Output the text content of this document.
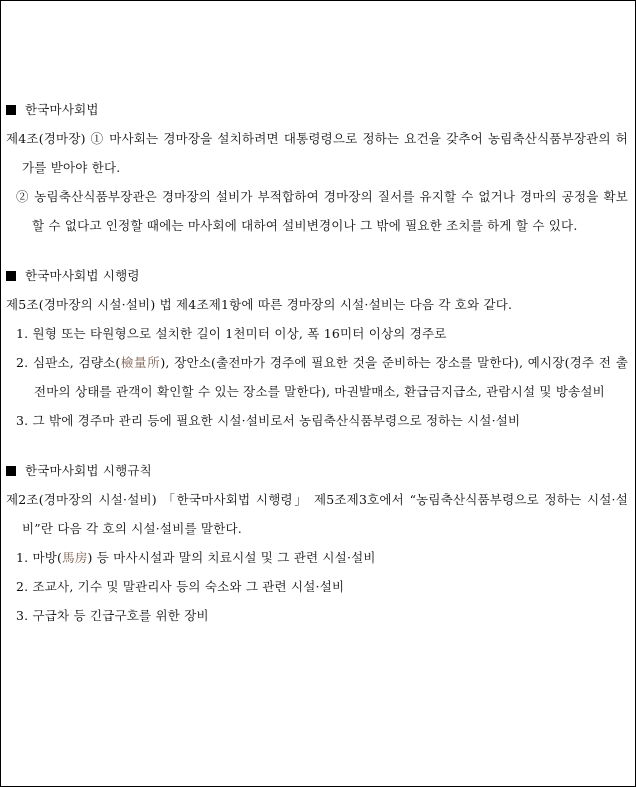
한국마사회법
제4조(경마장) ① 마사회는 경마장을 설치하려면 대통령령으로 정하는 요건을 갖추어 농림축산식품부장관의 허가를 받아야 한다.
② 농림축산식품부장관은 경마장의 설비가 부적합하여 경마장의 질서를 유지할 수 없거나 경마의 공정을 확보할 수 없다고 인정할 때에는 마사회에 대하여 설비변경이나 그 밖에 필요한 조치를 하게 할 수 있다.
한국마사회법 시행령
제5조(경마장의 시설·설비) 법 제4조제1항에 따른 경마장의 시설·설비는 다음 각 호와 같다.
1. 원형 또는 타원형으로 설치한 길이 1천미터 이상, 폭 16미터 이상의 경주로
2. 심판소, 검량소(檢量所), 장안소(출전마가 경주에 필요한 것을 준비하는 장소를 말한다), 예시장(경주 전 출전마의 상태를 관객이 확인할 수 있는 장소를 말한다), 마권발매소, 환급금지급소, 관람시설 및 방송설비
3. 그 밖에 경주마 관리 등에 필요한 시설·설비로서 농림축산식품부령으로 정하는 시설·설비
한국마사회법 시행규칙
제2조(경마장의 시설·설비) 「한국마사회법 시행령」 제5조제3호에서 “농림축산식품부령으로 정하는 시설·설비”란 다음 각 호의 시설·설비를 말한다.
1. 마방(馬房) 등 마사시설과 말의 치료시설 및 그 관련 시설·설비
2. 조교사, 기수 및 말관리사 등의 숙소와 그 관련 시설·설비
3. 구급차 등 긴급구호를 위한 장비
